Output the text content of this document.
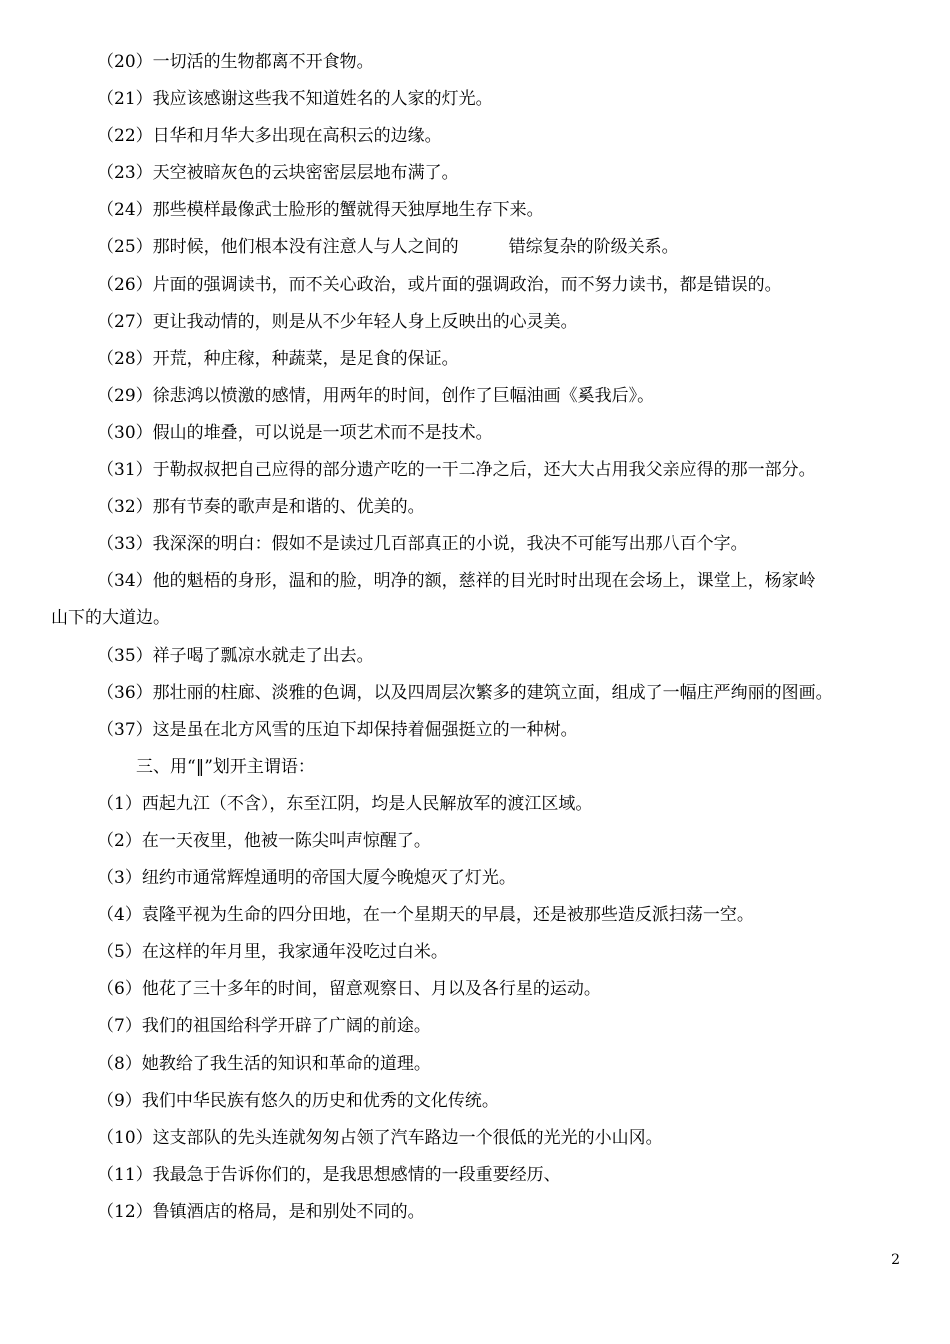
（20）一切活的生物都离不开食物。
（21）我应该感谢这些我不知道姓名的人家的灯光。
（22）日华和月华大多出现在高积云的边缘。
（23）天空被暗灰色的云块密密层层地布满了。
（24）那些模样最像武士脸形的蟹就得天独厚地生存下来。
（25）那时候，他们根本没有注意人与人之间的	错综复杂的阶级关系。
（26）片面的强调读书，而不关心政治，或片面的强调政治，而不努力读书，都是错误的。
（27）更让我动情的，则是从不少年轻人身上反映出的心灵美。
（28）开荒，种庄稼，种蔬菜，是足食的保证。
（29）徐悲鸿以愤激的感情，用两年的时间，创作了巨幅油画《奚我后》。
（30）假山的堆叠，可以说是一项艺术而不是技术。
（31）于勒叔叔把自己应得的部分遗产吃的一干二净之后，还大大占用我父亲应得的那一部分。
（32）那有节奏的歌声是和谐的、优美的。
（33）我深深的明白：假如不是读过几百部真正的小说，我决不可能写出那八百个字。
（34）他的魁梧的身形，温和的脸，明净的额，慈祥的目光时时出现在会场上，课堂上，杨家岭
山下的大道边。
（35）祥子喝了瓢凉水就走了出去。
（36）那壮丽的柱廊、淡雅的色调，以及四周层次繁多的建筑立面，组成了一幅庄严绚丽的图画。
（37）这是虽在北方风雪的压迫下却保持着倔强挺立的一种树。
三、用“‖”划开主谓语：
（1）西起九江（不含），东至江阴，均是人民解放军的渡江区域。
（2）在一天夜里，他被一陈尖叫声惊醒了。
（3）纽约市通常辉煌通明的帝国大厦今晚熄灭了灯光。
（4）袁隆平视为生命的四分田地，在一个星期天的早晨，还是被那些造反派扫荡一空。
（5）在这样的年月里，我家通年没吃过白米。
（6）他花了三十多年的时间，留意观察日、月以及各行星的运动。
（7）我们的祖国给科学开辟了广阔的前途。
（8）她教给了我生活的知识和革命的道理。
（9）我们中华民族有悠久的历史和优秀的文化传统。
（10）这支部队的先头连就匆匆占领了汽车路边一个很低的光光的小山冈。
（11）我最急于告诉你们的，是我思想感情的一段重要经历、
（12）鲁镇酒店的格局，是和别处不同的。
2
